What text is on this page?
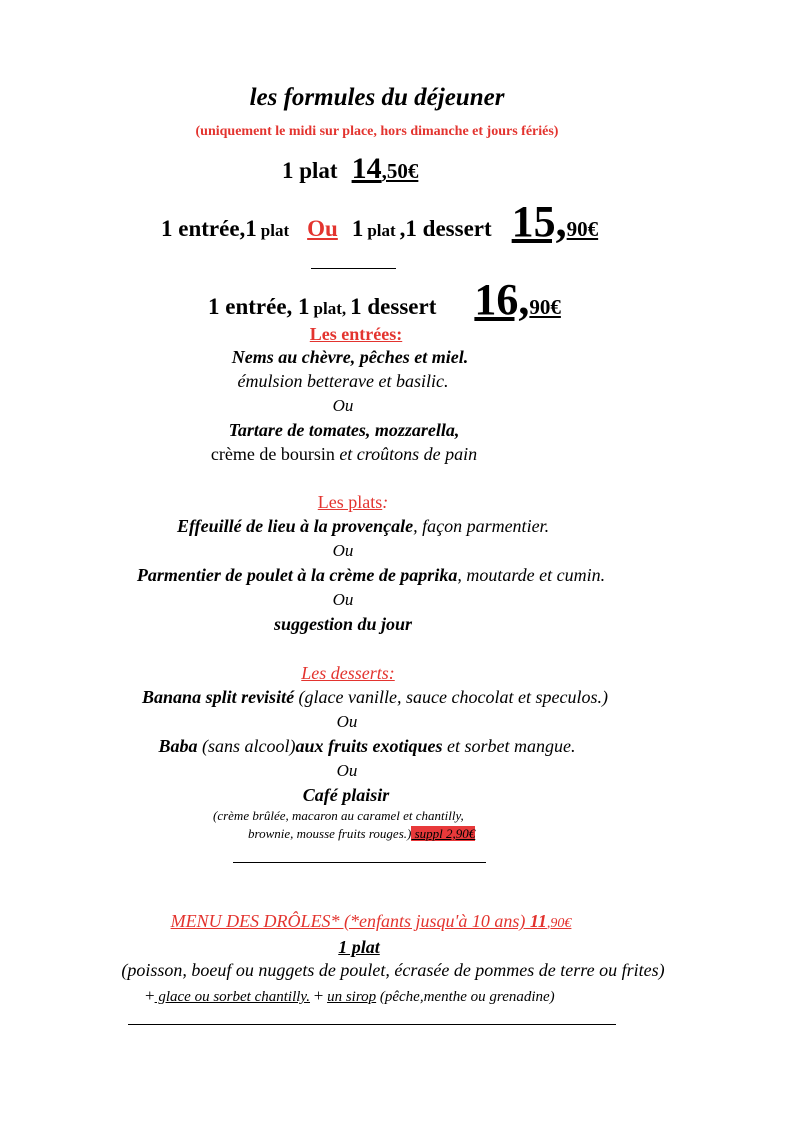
les formules du déjeuner
(uniquement le midi sur place, hors dimanche et jours fériés)
1 plat 14,50€
1 entrée,1 plat Ou 1 plat ,1 dessert 15,90€
1 entrée, 1 plat, 1 dessert 16,90€
Les entrées:
Nems au chèvre, pêches et miel.
émulsion betterave et basilic.
Ou
Tartare de tomates, mozzarella,
crème de boursin et croûtons de pain
Les plats:
Effeuillé de lieu à la provençale, façon parmentier.
Ou
Parmentier de poulet à la crème de paprika, moutarde et cumin.
Ou
suggestion du jour
Les desserts:
Banana split revisité (glace vanille, sauce chocolat et speculos.)
Ou
Baba (sans alcool)aux fruits exotiques et sorbet mangue.
Ou
Café plaisir
(crème brûlée, macaron au caramel et chantilly,
brownie, mousse fruits rouges.) suppl 2,90€
MENU DES DRÔLES* (*enfants jusqu'à 10 ans) 11,90€
1 plat
(poisson, boeuf ou nuggets de poulet, écrasée de pommes de terre ou frites)
+ glace ou sorbet chantilly. + un sirop (pêche,menthe ou grenadine)
